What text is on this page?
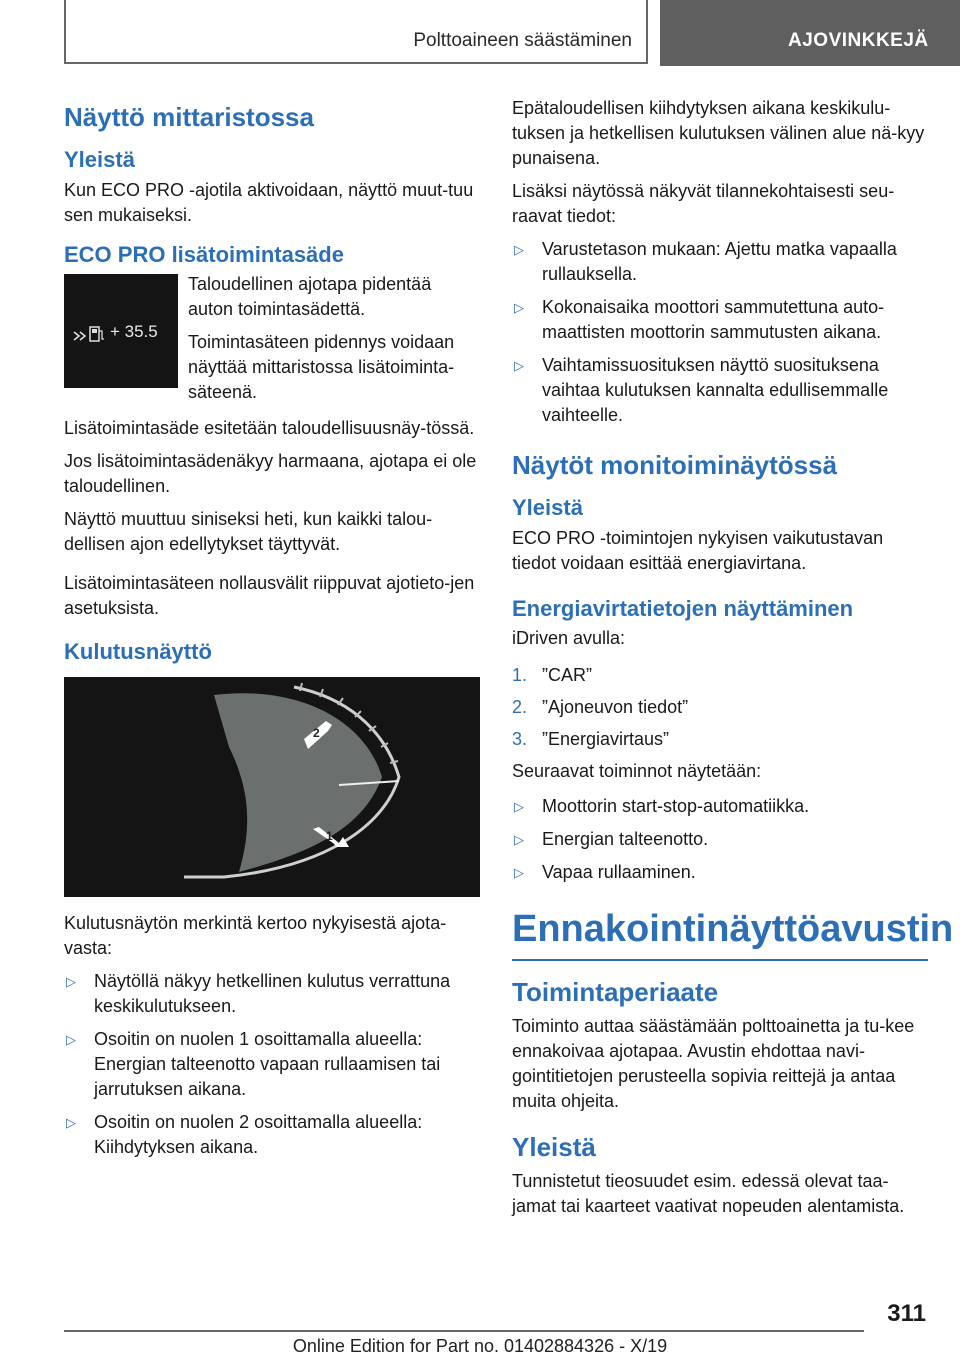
Polttoaineen säästäminen	AJOVINKKEJÄ
Näyttö mittaristossa
Yleistä

Kun ECO PRO -ajotila aktivoidaan, näyttö muut-tuu sen mukaiseksi.

ECO PRO lisätoimintasäde
+ 35.5

Taloudellinen ajotapa pidentää auton toimintasädettä.

Toimintasäteen pidennys voidaan näyttää mittaristossa lisätoiminta-säteenä.

Lisätoimintasäde esitetään taloudellisuusnäy-tössä.

Jos lisätoimintasädenäkyy harmaana, ajotapa ei ole taloudellinen.

Näyttö muuttuu siniseksi heti, kun kaikki talou-dellisen ajon edellytykset täyttyvät.

Lisätoimintasäteen nollausvälit riippuvat ajotieto-jen asetuksista.

Kulutusnäyttö
2
1

Kulutusnäytön merkintä kertoo nykyisestä ajota-vasta:

▷ Näytöllä näkyy hetkellinen kulutus verrattuna keskikulutukseen.
▷ Osoitin on nuolen 1 osoittamalla alueella: Energian talteenotto vapaan rullaamisen tai jarrutuksen aikana.
▷ Osoitin on nuolen 2 osoittamalla alueella: Kiihdytyksen aikana.

Epätaloudellisen kiihdytyksen aikana keskikulu-tuksen ja hetkellisen kulutuksen välinen alue nä-kyy punaisena.

Lisäksi näytössä näkyvät tilannekohtaisesti seu-raavat tiedot:

▷ Varustetason mukaan: Ajettu matka vapaalla rullauksella.
▷ Kokonaisaika moottori sammutettuna auto-maattisten moottorin sammutusten aikana.
▷ Vaihtamissuosituksen näyttö suosituksena vaihtaa kulutuksen kannalta edullisemmalle vaihteelle.
Näytöt monitoiminäytössä
Yleistä

ECO PRO -toimintojen nykyisen vaikutustavan tiedot voidaan esittää energiavirtana.

Energiavirtatietojen näyttäminen

iDriven avulla:

1. ”CAR”
2. ”Ajoneuvon tiedot”
3. ”Energiavirtaus”

Seuraavat toiminnot näytetään:

▷ Moottorin start-stop-automatiikka.
▷ Energian talteenotto.
▷ Vapaa rullaaminen.
Ennakointinäyttöavustin
Toimintaperiaate

Toiminto auttaa säästämään polttoainetta ja tu-kee ennakoivaa ajotapaa. Avustin ehdottaa navi-gointitietojen perusteella sopivia reittejä ja antaa muita ohjeita.

Yleistä

Tunnistetut tieosuudet esim. edessä olevat taa-jamat tai kaarteet vaativat nopeuden alentamista.

311
Online Edition for Part no. 01402884326 - X/19
